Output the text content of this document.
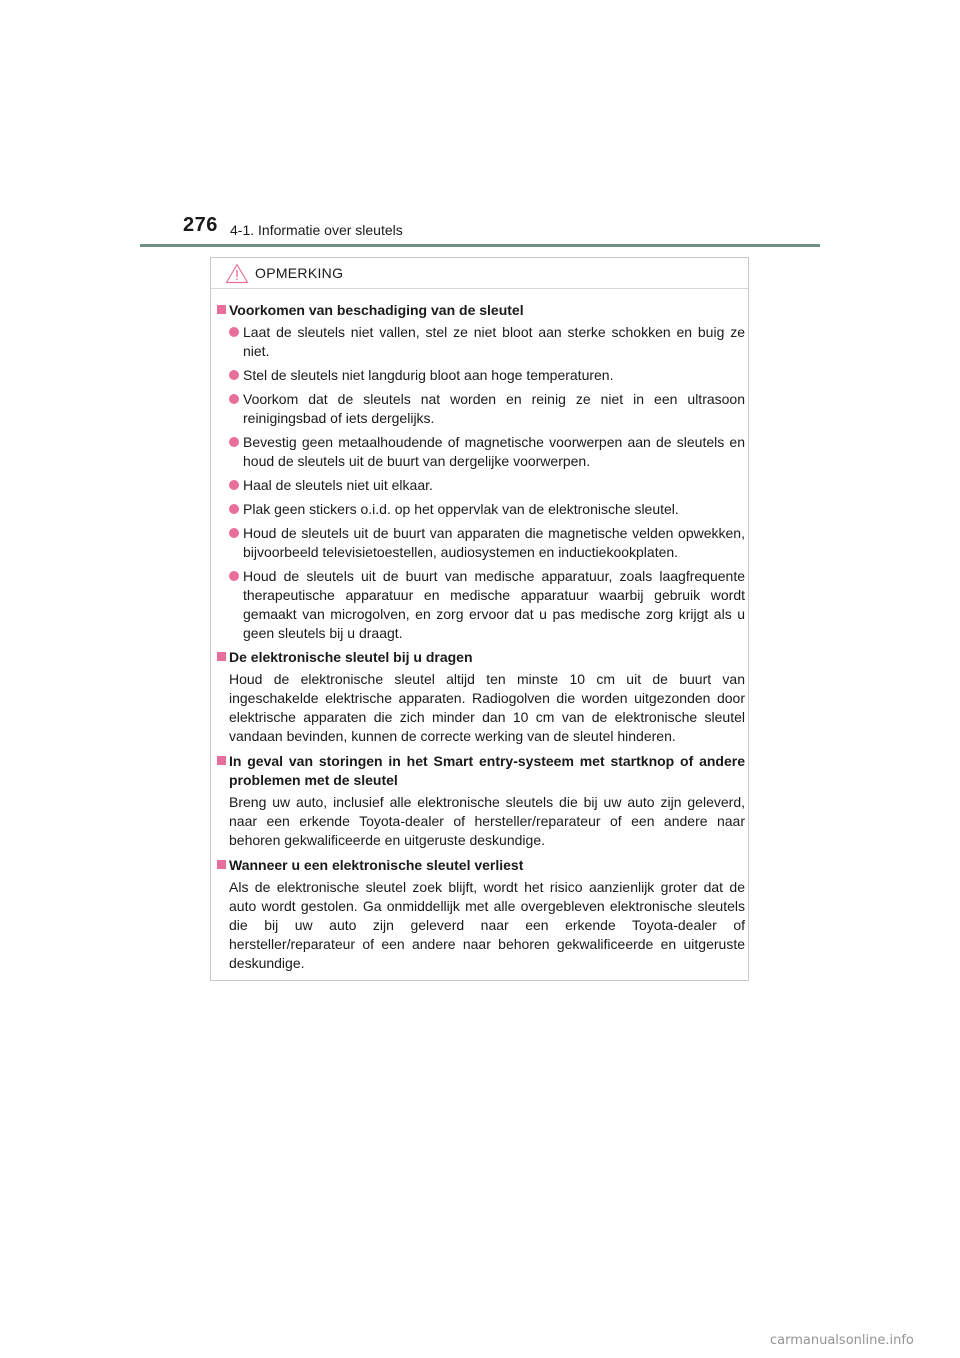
276 4-1. Informatie over sleutels
OPMERKING
Voorkomen van beschadiging van de sleutel
Laat de sleutels niet vallen, stel ze niet bloot aan sterke schokken en buig ze niet.
Stel de sleutels niet langdurig bloot aan hoge temperaturen.
Voorkom dat de sleutels nat worden en reinig ze niet in een ultrasoon reinigingsbad of iets dergelijks.
Bevestig geen metaalhoudende of magnetische voorwerpen aan de sleutels en houd de sleutels uit de buurt van dergelijke voorwerpen.
Haal de sleutels niet uit elkaar.
Plak geen stickers o.i.d. op het oppervlak van de elektronische sleutel.
Houd de sleutels uit de buurt van apparaten die magnetische velden opwekken, bijvoorbeeld televisietoestellen, audiosystemen en inductiekookplaten.
Houd de sleutels uit de buurt van medische apparatuur, zoals laagfrequente therapeutische apparatuur en medische apparatuur waarbij gebruik wordt gemaakt van microgolven, en zorg ervoor dat u pas medische zorg krijgt als u geen sleutels bij u draagt.
De elektronische sleutel bij u dragen
Houd de elektronische sleutel altijd ten minste 10 cm uit de buurt van ingeschakelde elektrische apparaten. Radiogolven die worden uitgezonden door elektrische apparaten die zich minder dan 10 cm van de elektronische sleutel vandaan bevinden, kunnen de correcte werking van de sleutel hinderen.
In geval van storingen in het Smart entry-systeem met startknop of andere problemen met de sleutel
Breng uw auto, inclusief alle elektronische sleutels die bij uw auto zijn geleverd, naar een erkende Toyota-dealer of hersteller/reparateur of een andere naar behoren gekwalificeerde en uitgeruste deskundige.
Wanneer u een elektronische sleutel verliest
Als de elektronische sleutel zoek blijft, wordt het risico aanzienlijk groter dat de auto wordt gestolen. Ga onmiddellijk met alle overgebleven elektronische sleutels die bij uw auto zijn geleverd naar een erkende Toyota-dealer of hersteller/reparateur of een andere naar behoren gekwalificeerde en uitgeruste deskundige.
carmanualsonline.info
